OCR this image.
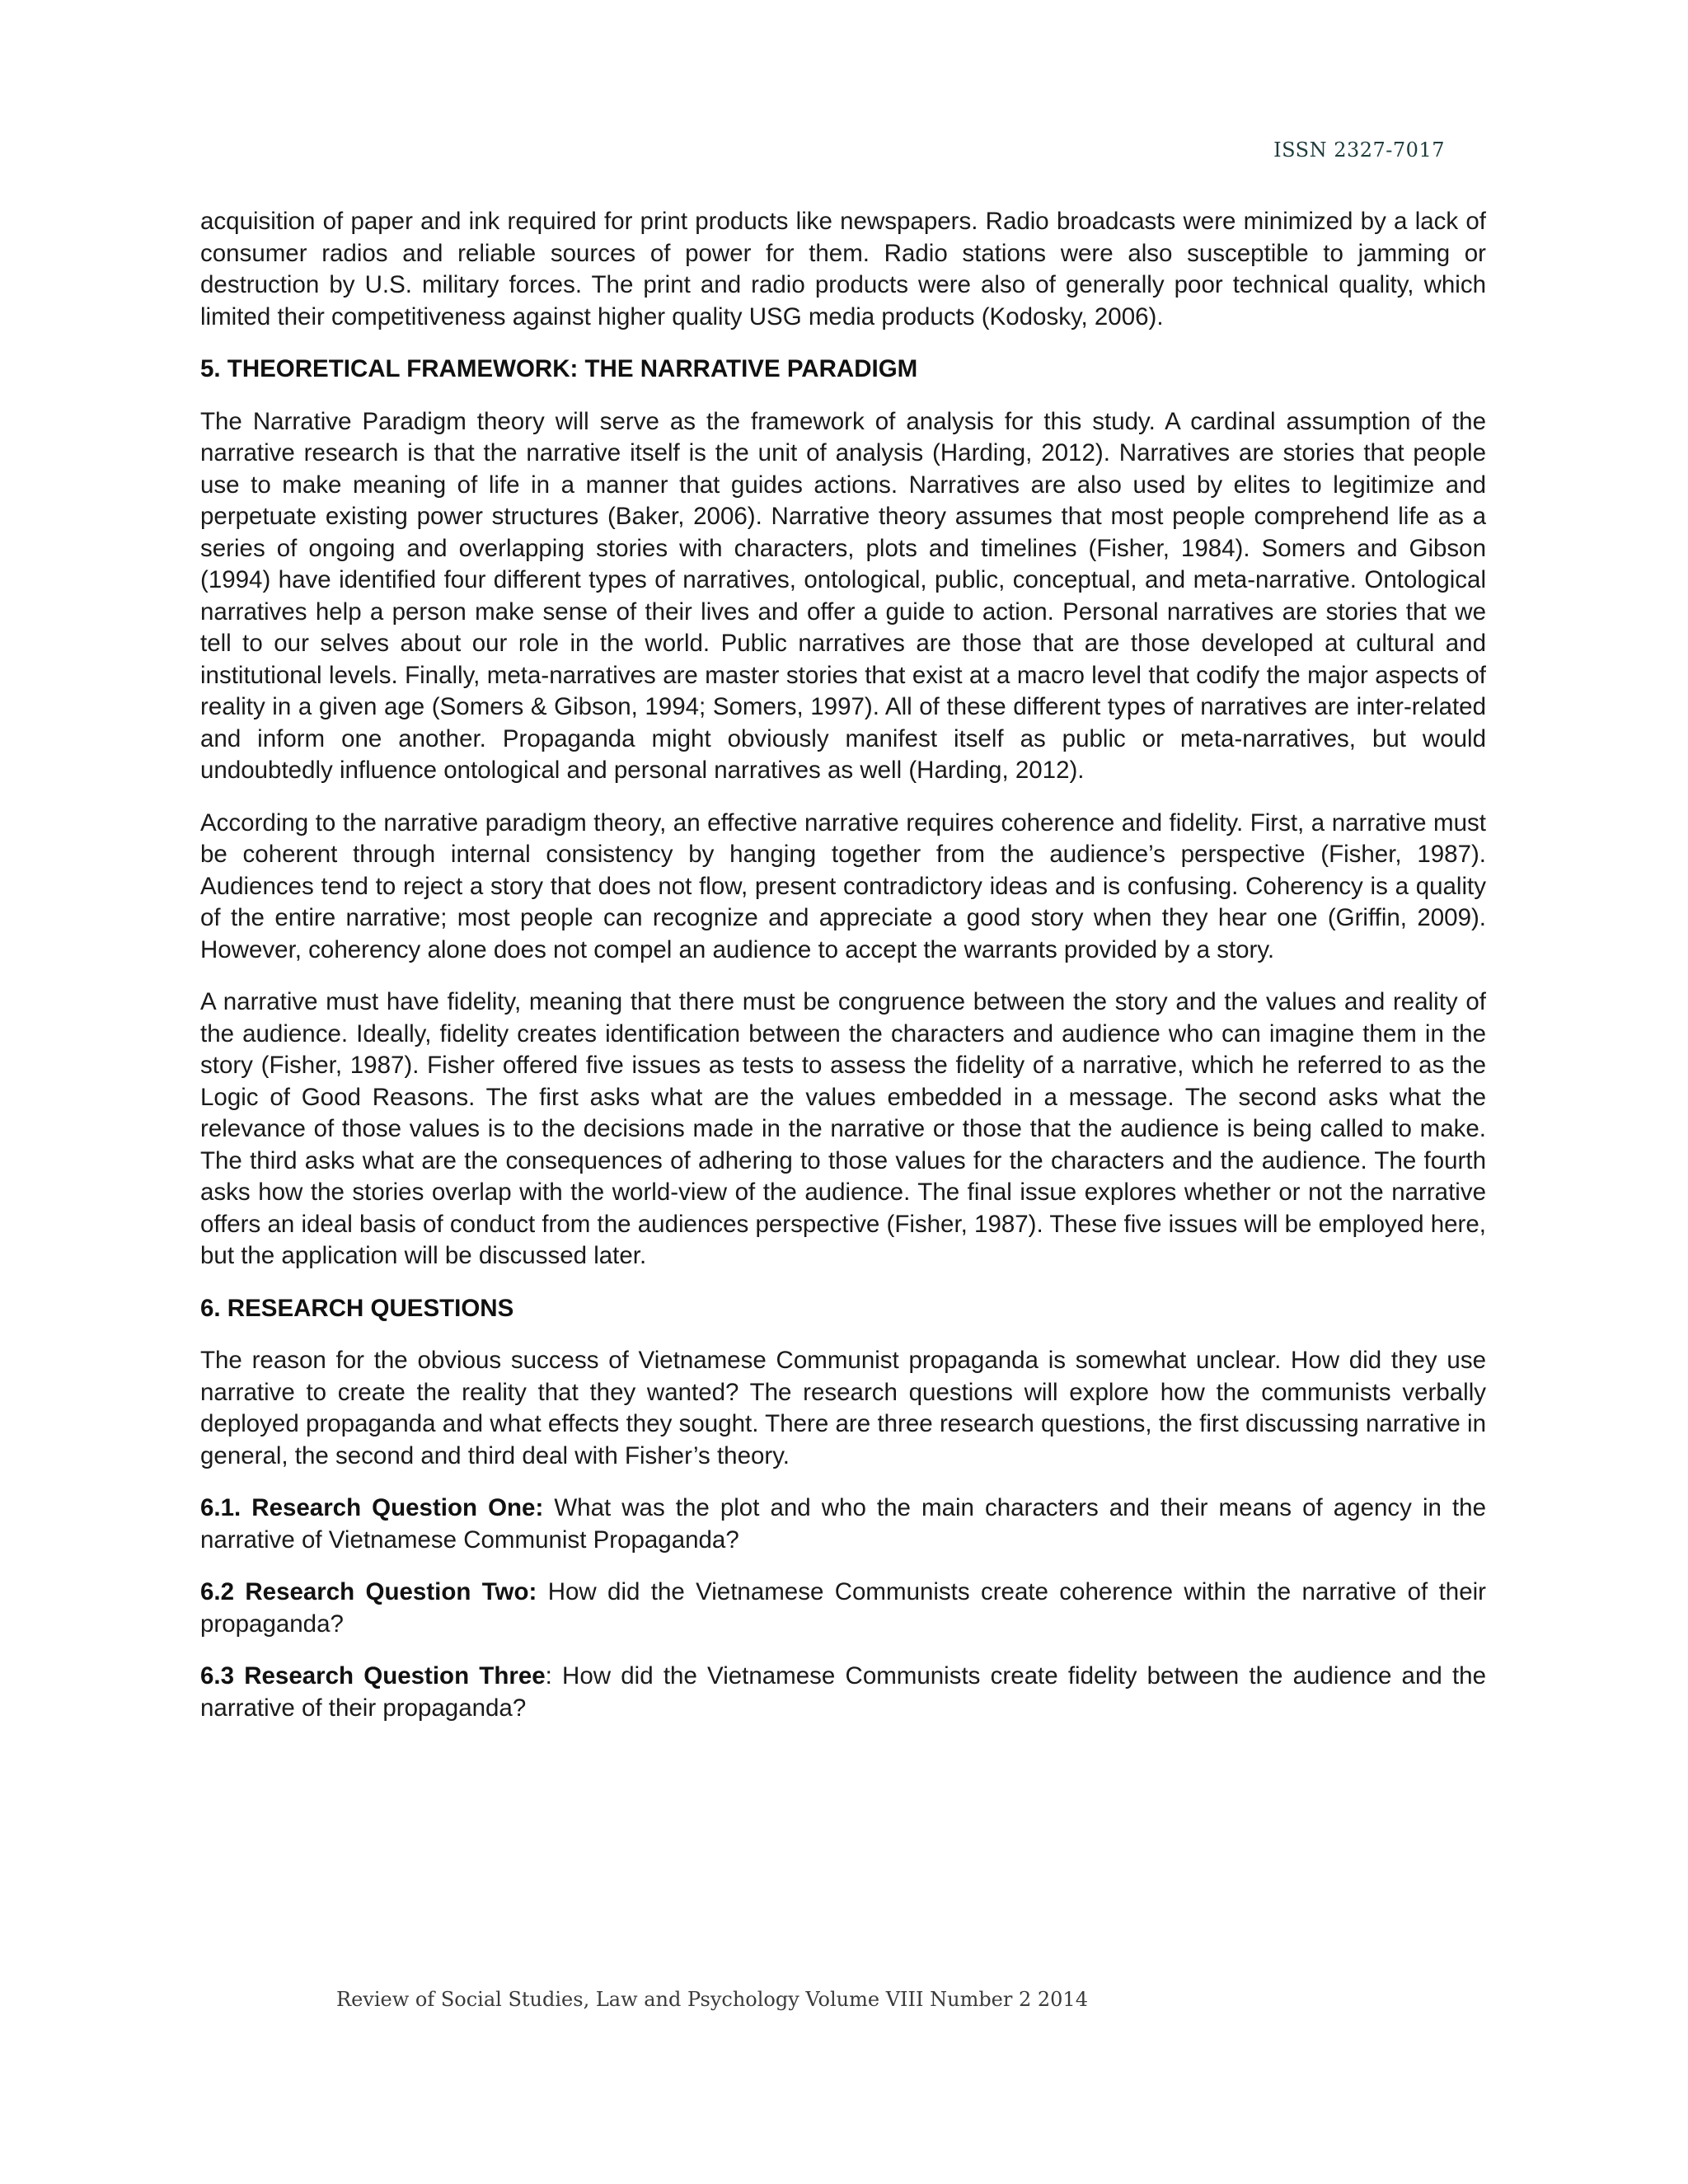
ISSN 2327-7017

acquisition of paper and ink required for print products like newspapers. Radio broadcasts were minimized by a lack of consumer radios and reliable sources of power for them. Radio stations were also susceptible to jamming or destruction by U.S. military forces. The print and radio products were also of generally poor technical quality, which limited their competitiveness against higher quality USG media products (Kodosky, 2006).

5. THEORETICAL FRAMEWORK: THE NARRATIVE PARADIGM

The Narrative Paradigm theory will serve as the framework of analysis for this study. A cardinal assumption of the narrative research is that the narrative itself is the unit of analysis (Harding, 2012). Narratives are stories that people use to make meaning of life in a manner that guides actions. Narratives are also used by elites to legitimize and perpetuate existing power structures (Baker, 2006). Narrative theory assumes that most people comprehend life as a series of ongoing and overlapping stories with characters, plots and timelines (Fisher, 1984). Somers and Gibson (1994) have identified four different types of narratives, ontological, public, conceptual, and meta-narrative. Ontological narratives help a person make sense of their lives and offer a guide to action. Personal narratives are stories that we tell to our selves about our role in the world. Public narratives are those that are those developed at cultural and institutional levels. Finally, meta-narratives are master stories that exist at a macro level that codify the major aspects of reality in a given age (Somers & Gibson, 1994; Somers, 1997). All of these different types of narratives are inter-related and inform one another. Propaganda might obviously manifest itself as public or meta-narratives, but would undoubtedly influence ontological and personal narratives as well (Harding, 2012).

According to the narrative paradigm theory, an effective narrative requires coherence and fidelity. First, a narrative must be coherent through internal consistency by hanging together from the audience’s perspective (Fisher, 1987). Audiences tend to reject a story that does not flow, present contradictory ideas and is confusing. Coherency is a quality of the entire narrative; most people can recognize and appreciate a good story when they hear one (Griffin, 2009). However, coherency alone does not compel an audience to accept the warrants provided by a story.

A narrative must have fidelity, meaning that there must be congruence between the story and the values and reality of the audience. Ideally, fidelity creates identification between the characters and audience who can imagine them in the story (Fisher, 1987). Fisher offered five issues as tests to assess the fidelity of a narrative, which he referred to as the Logic of Good Reasons. The first asks what are the values embedded in a message. The second asks what the relevance of those values is to the decisions made in the narrative or those that the audience is being called to make. The third asks what are the consequences of adhering to those values for the characters and the audience. The fourth asks how the stories overlap with the world-view of the audience. The final issue explores whether or not the narrative offers an ideal basis of conduct from the audiences perspective (Fisher, 1987). These five issues will be employed here, but the application will be discussed later.

6. RESEARCH QUESTIONS

The reason for the obvious success of Vietnamese Communist propaganda is somewhat unclear. How did they use narrative to create the reality that they wanted? The research questions will explore how the communists verbally deployed propaganda and what effects they sought. There are three research questions, the first discussing narrative in general, the second and third deal with Fisher’s theory.

6.1. Research Question One: What was the plot and who the main characters and their means of agency in the narrative of Vietnamese Communist Propaganda?

6.2 Research Question Two: How did the Vietnamese Communists create coherence within the narrative of their propaganda?

6.3 Research Question Three: How did the Vietnamese Communists create fidelity between the audience and the narrative of their propaganda?

Review of Social Studies, Law and Psychology Volume VIII Number 2 2014
